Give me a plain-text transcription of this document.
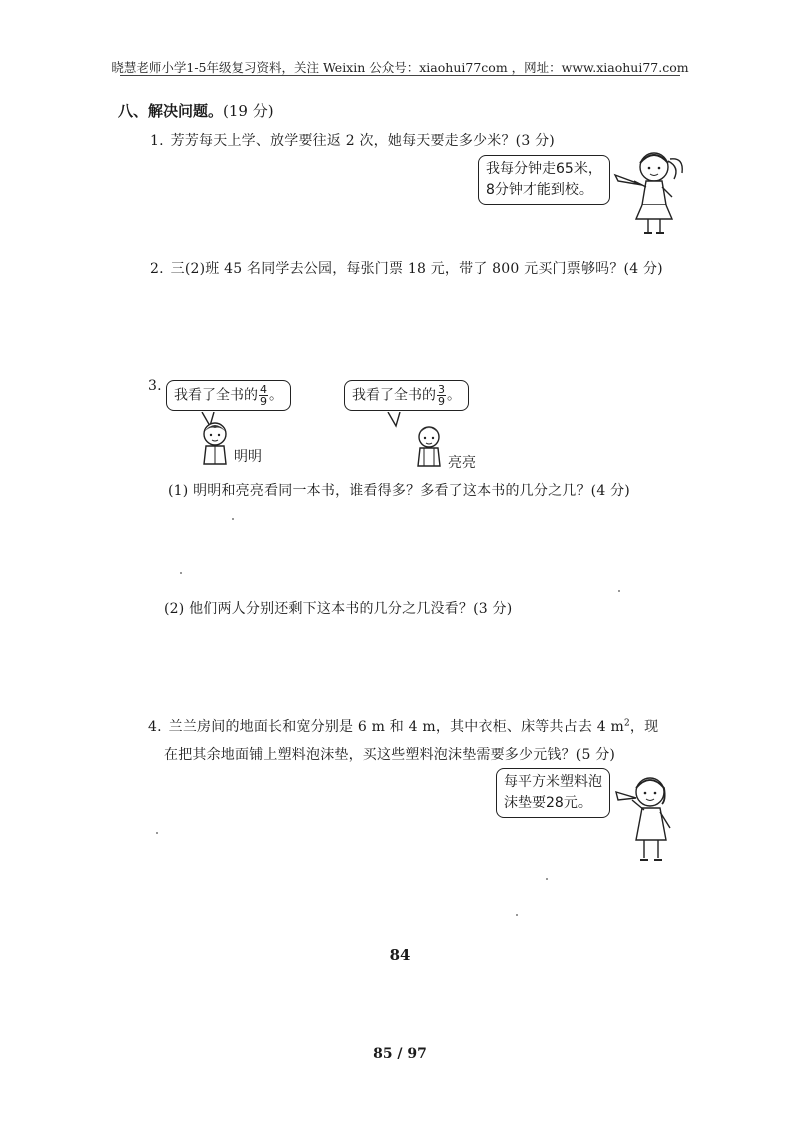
晓慧老师小学1-5年级复习资料，关注 Weixin 公众号：xiaohui77com ，网址：www.xiaohui77.com
八、解决问题。(19 分)
1. 芳芳每天上学、放学要往返 2 次，她每天要走多少米？(3 分)
我每分钟走65米，
8分钟才能到校。
2. 三(2)班 45 名同学去公园，每张门票 18 元，带了 800 元买门票够吗？(4 分)
3.
我看了全书的 $\frac{4}{9}$ 。	我看了全书的 $\frac{3}{9}$ 。
明明	亮亮
(1) 明明和亮亮看同一本书，谁看得多？多看了这本书的几分之几？(4 分)
(2) 他们两人分别还剩下这本书的几分之几没看？(3 分)
4. 兰兰房间的地面长和宽分别是 6 m 和 4 m，其中衣柜、床等共占去 4 $m^2$，现
在把其余地面铺上塑料泡沫垫，买这些塑料泡沫垫需要多少元钱？(5 分)
每平方米塑料泡
沫垫要28元。
84
85 / 97
